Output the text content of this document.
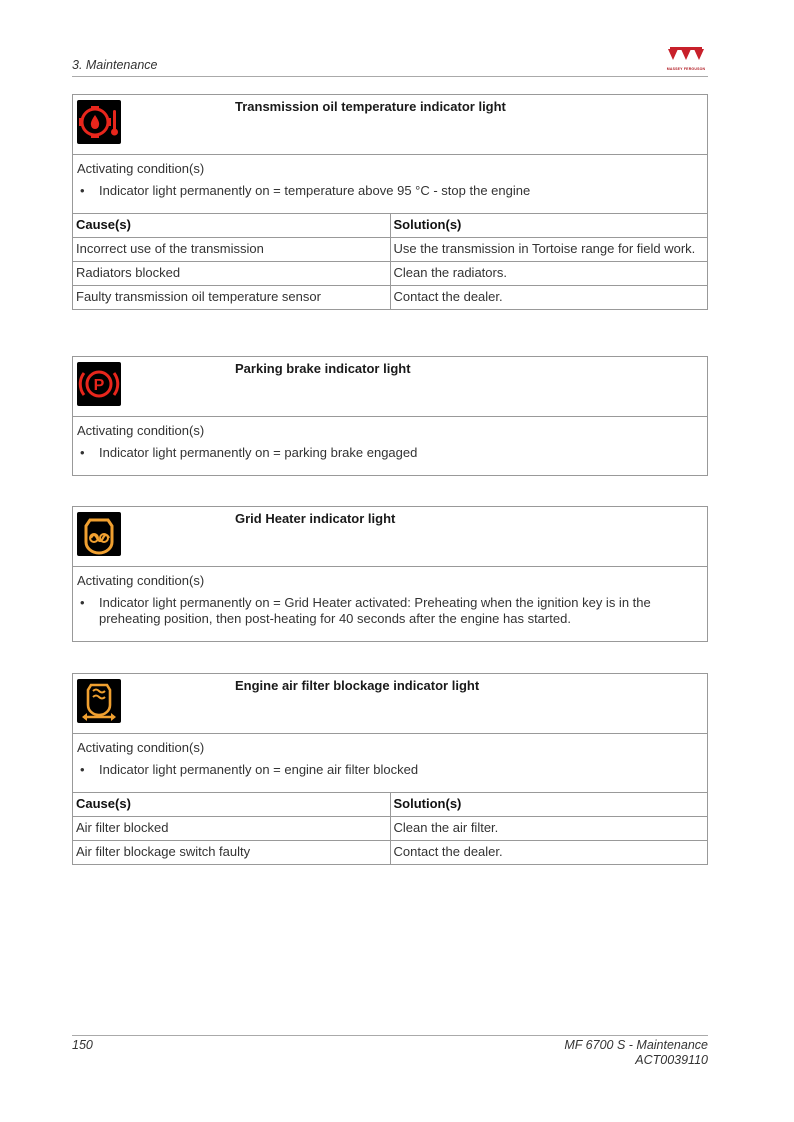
3. Maintenance	MASSEY FERGUSON
Transmission oil temperature indicator light
Activating condition(s)
• Indicator light permanently on = temperature above 95 °C - stop the engine
Cause(s)	Solution(s)
Incorrect use of the transmission	Use the transmission in Tortoise range for field work.
Radiators blocked	Clean the radiators.
Faulty transmission oil temperature sensor	Contact the dealer.
P
Parking brake indicator light
Activating condition(s)
• Indicator light permanently on = parking brake engaged
Grid Heater indicator light
Activating condition(s)
• Indicator light permanently on = Grid Heater activated: Preheating when the ignition key is in the preheating position, then post-heating for 40 seconds after the engine has started.
Engine air filter blockage indicator light
Activating condition(s)
• Indicator light permanently on = engine air filter blocked
Cause(s)	Solution(s)
Air filter blocked	Clean the air filter.
Air filter blockage switch faulty	Contact the dealer.
150	MF 6700 S - Maintenance
ACT0039110
